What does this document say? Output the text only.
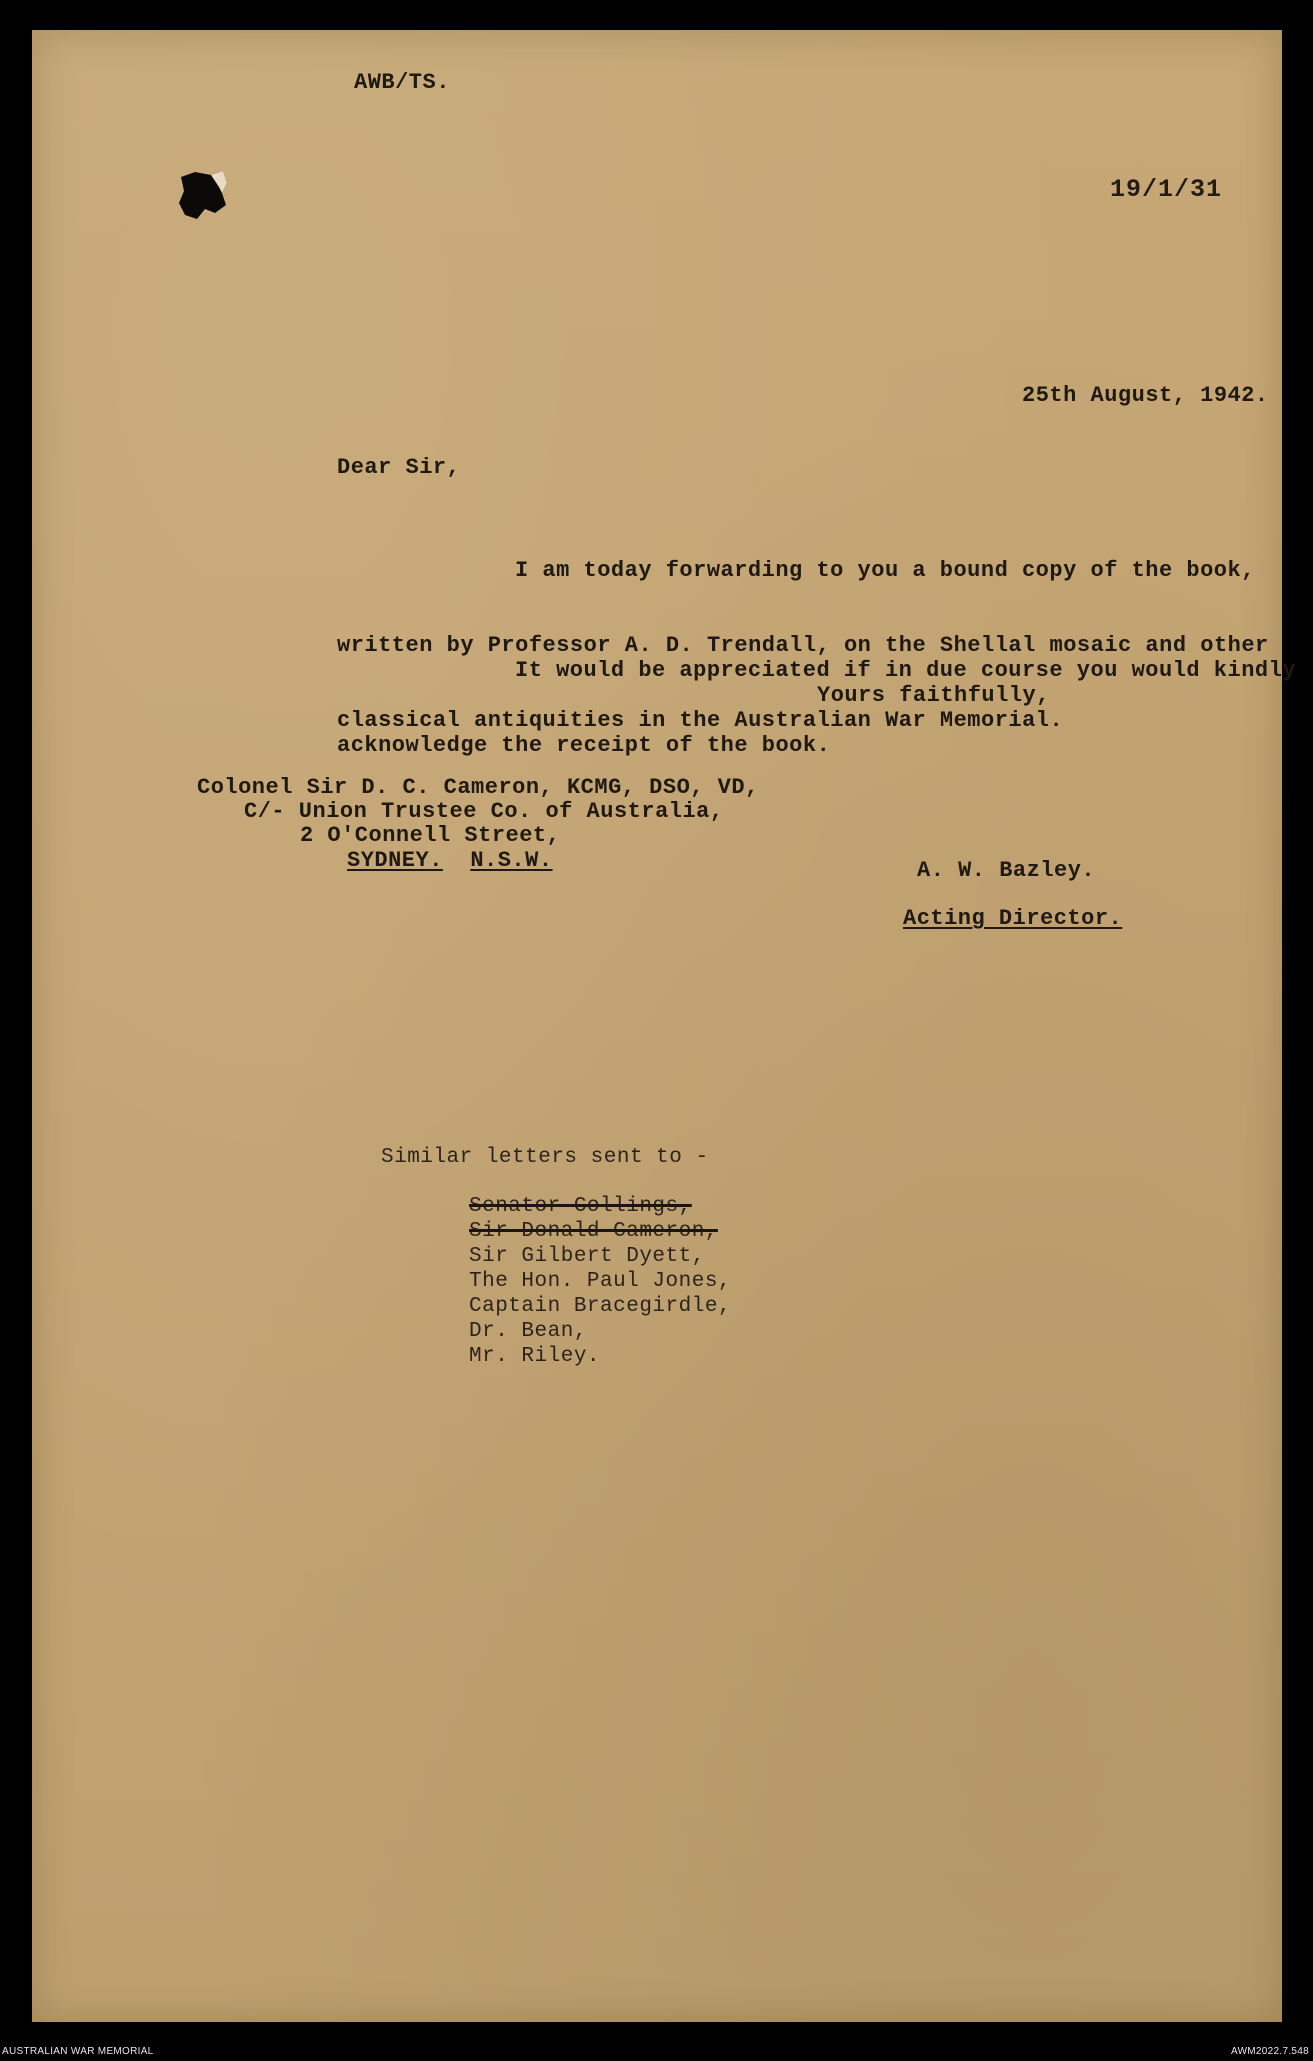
AWB/TS.
19/1/31
25th August, 1942.
Dear Sir,

I am today forwarding to you a bound copy of the book,

written by Professor A. D. Trendall, on the Shellal mosaic and other

classical antiquities in the Australian War Memorial.

It would be appreciated if in due course you would kindly

acknowledge the receipt of the book.

Yours faithfully,
Colonel Sir D. C. Cameron, KCMG, DSO, VD,
C/- Union Trustee Co. of Australia,
2 O'Connell Street,
SYDNEY. N.S.W.	A. W. Bazley.
Acting Director.
Similar letters sent to -
Senator Collings,
Sir Donald Cameron,
Sir Gilbert Dyett,
The Hon. Paul Jones,
Captain Bracegirdle,
Dr. Bean,
Mr. Riley.
AUSTRALIAN WAR MEMORIAL	AWM2022.7.548
